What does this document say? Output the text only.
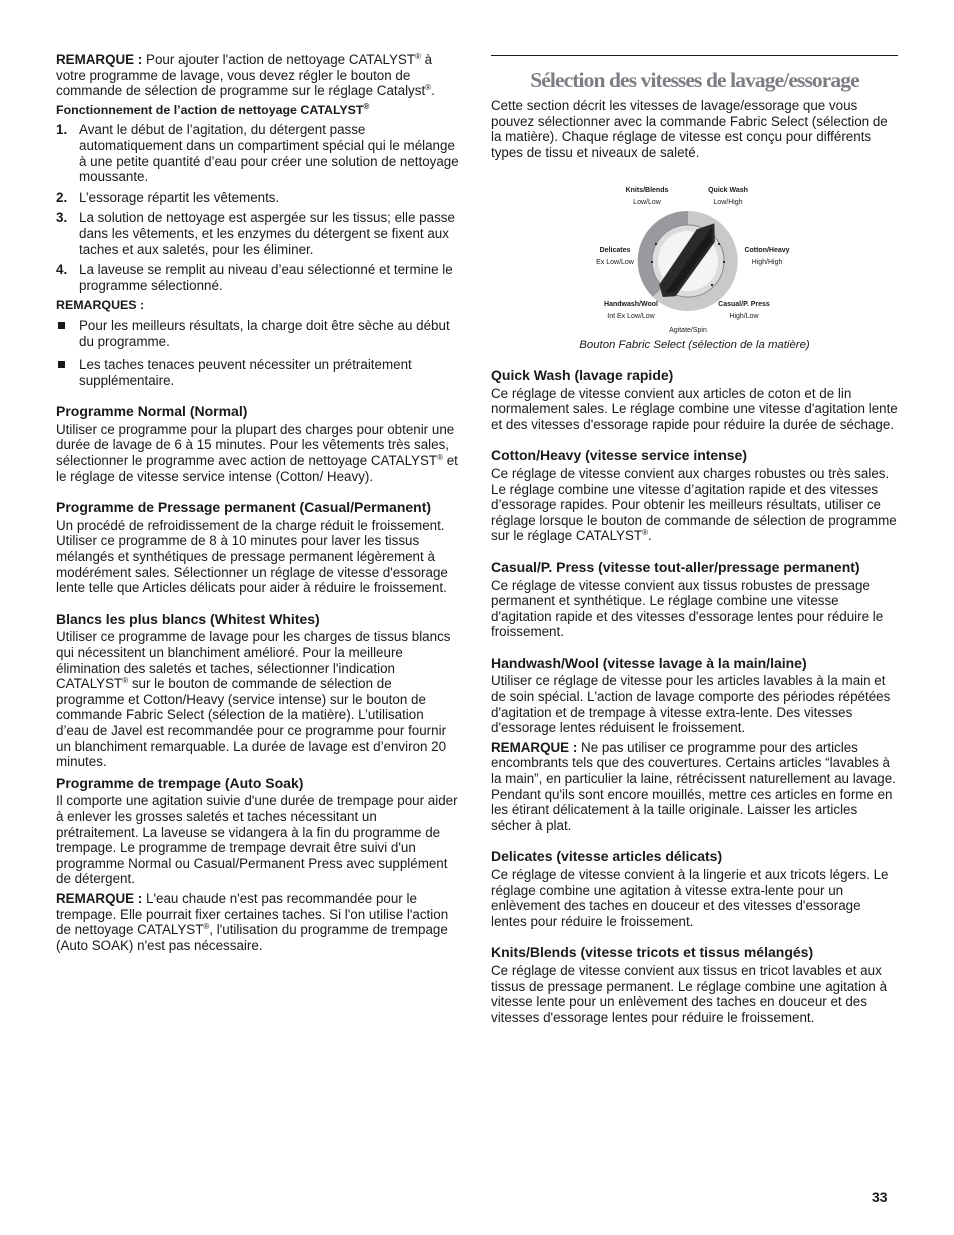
REMARQUE : Pour ajouter l'action de nettoyage CATALYST® à votre programme de lavage, vous devez régler le bouton de commande de sélection de programme sur le réglage Catalyst®.

Fonctionnement de l’action de nettoyage CATALYST®

1. Avant le début de l’agitation, du détergent passe automatiquement dans un compartiment spécial qui le mélange à une petite quantité d’eau pour créer une solution de nettoyage moussante.
2. L’essorage répartit les vêtements.
3. La solution de nettoyage est aspergée sur les tissus; elle passe dans les vêtements, et les enzymes du détergent se fixent aux taches et aux saletés, pour les éliminer.
4. La laveuse se remplit au niveau d’eau sélectionné et termine le programme sélectionné.

REMARQUES :

Pour les meilleurs résultats, la charge doit être sèche au début du programme.
Les taches tenaces peuvent nécessiter un prétraitement supplémentaire.

Programme Normal (Normal)

Utiliser ce programme pour la plupart des charges pour obtenir une durée de lavage de 6 à 15 minutes. Pour les vêtements très sales, sélectionner le programme avec action de nettoyage CATALYST® et le réglage de vitesse service intense (Cotton/ Heavy).

Programme de Pressage permanent (Casual/Permanent)

Un procédé de refroidissement de la charge réduit le froissement. Utiliser ce programme de 8 à 10 minutes pour laver les tissus mélangés et synthétiques de pressage permanent légèrement à modérément sales. Sélectionner un réglage de vitesse d'essorage lente telle que Articles délicats pour aider à réduire le froissement.

Blancs les plus blancs (Whitest Whites)

Utiliser ce programme de lavage pour les charges de tissus blancs qui nécessitent un blanchiment amélioré. Pour la meilleure élimination des saletés et taches, sélectionner l'indication CATALYST® sur le bouton de commande de sélection de programme et Cotton/Heavy (service intense) sur le bouton de commande Fabric Select (sélection de la matière). L’utilisation d’eau de Javel est recommandée pour ce programme pour fournir un blanchiment remarquable. La durée de lavage est d’environ 20 minutes.

Programme de trempage (Auto Soak)

Il comporte une agitation suivie d'une durée de trempage pour aider à enlever les grosses saletés et taches nécessitant un prétraitement. La laveuse se vidangera à la fin du programme de trempage. Le programme de trempage devrait être suivi d'un programme Normal ou Casual/Permanent Press avec supplément de détergent.

REMARQUE : L'eau chaude n'est pas recommandée pour le trempage. Elle pourrait fixer certaines taches. Si l'on utilise l'action de nettoyage CATALYST®, l'utilisation du programme de trempage (Auto SOAK) n'est pas nécessaire.

Sélection des vitesses de lavage/essorage

Cette section décrit les vitesses de lavage/essorage que vous pouvez sélectionner avec la commande Fabric Select (sélection de la matière). Chaque réglage de vitesse est conçu pour différents types de tissu et niveaux de saleté.

Knits/Blends
Low/Low
Quick Wash
Low/High
Delicates
Ex Low/Low
Cotton/Heavy
High/High
Handwash/Wool
Int Ex Low/Low
Casual/P. Press
High/Low
Agitate/Spin

Bouton Fabric Select (sélection de la matière)

Quick Wash (lavage rapide)

Ce réglage de vitesse convient aux articles de coton et de lin normalement sales. Le réglage combine une vitesse d'agitation lente et des vitesses d'essorage rapide pour réduire la durée de séchage.

Cotton/Heavy (vitesse service intense)

Ce réglage de vitesse convient aux charges robustes ou très sales. Le réglage combine une vitesse d’agitation rapide et des vitesses d’essorage rapides. Pour obtenir les meilleurs résultats, utiliser ce réglage lorsque le bouton de commande de sélection de programme sur le réglage CATALYST®.

Casual/P. Press (vitesse tout-aller/pressage permanent)

Ce réglage de vitesse convient aux tissus robustes de pressage permanent et synthétique. Le réglage combine une vitesse d'agitation rapide et des vitesses d'essorage lentes pour réduire le froissement.

Handwash/Wool (vitesse lavage à la main/laine)

Utiliser ce réglage de vitesse pour les articles lavables à la main et de soin spécial. L'action de lavage comporte des périodes répétées d'agitation et de trempage à vitesse extra-lente. Des vitesses d'essorage lentes réduisent le froissement.

REMARQUE : Ne pas utiliser ce programme pour des articles encombrants tels que des couvertures. Certains articles “lavables à la main”, en particulier la laine, rétrécissent naturellement au lavage. Pendant qu'ils sont encore mouillés, mettre ces articles en forme en les étirant délicatement à la taille originale. Laisser les articles sécher à plat.

Delicates (vitesse articles délicats)

Ce réglage de vitesse convient à la lingerie et aux tricots légers. Le réglage combine une agitation à vitesse extra-lente pour un enlèvement des taches en douceur et des vitesses d'essorage lentes pour réduire le froissement.

Knits/Blends (vitesse tricots et tissus mélangés)

Ce réglage de vitesse convient aux tissus en tricot lavables et aux tissus de pressage permanent. Le réglage combine une agitation à vitesse lente pour un enlèvement des taches en douceur et des vitesses d'essorage lentes pour réduire le froissement.

33
